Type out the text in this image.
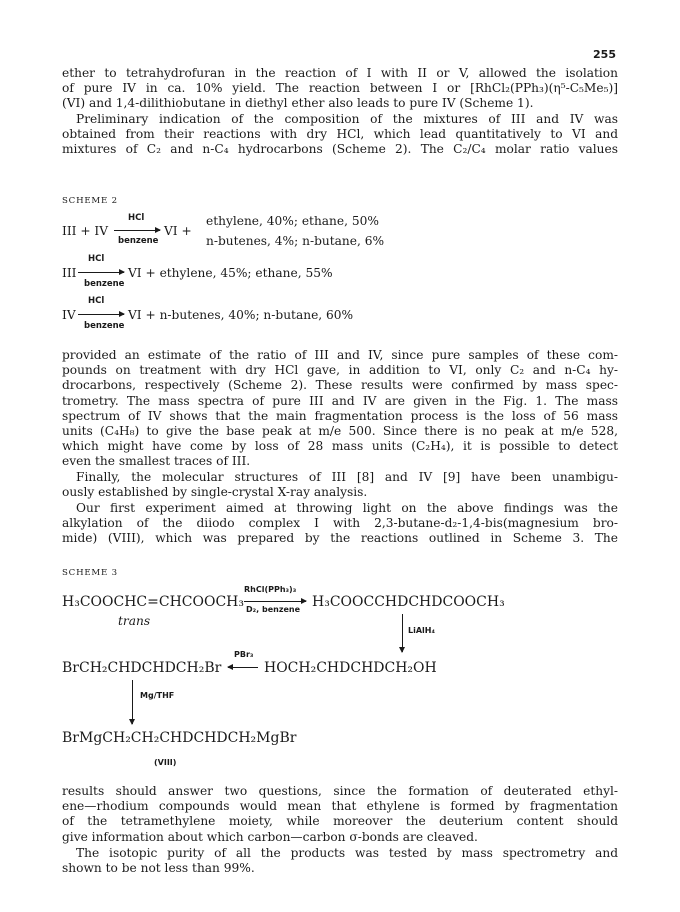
255
ether to tetrahydrofuran in the reaction of I with II or V, allowed the isolation
of pure IV in ca. 10% yield. The reaction between I or [RhCl₂(PPh₃)(η⁵-C₅Me₅)]
(VI) and 1,4-dilithiobutane in diethyl ether also leads to pure IV (Scheme 1).
Preliminary indication of the composition of the mixtures of III and IV was
obtained from their reactions with dry HCl, which lead quantitatively to VI and
mixtures of C₂ and n-C₄ hydrocarbons (Scheme 2). The C₂/C₄ molar ratio values
SCHEME 2
III + IV
HCl
benzene
VI +
ethylene, 40%; ethane, 50%
n-butenes, 4%; n-butane, 6%
III
HCl
benzene
VI + ethylene, 45%; ethane, 55%
IV
HCl
benzene
VI + n-butenes, 40%; n-butane, 60%
provided an estimate of the ratio of III and IV, since pure samples of these com-
pounds on treatment with dry HCl gave, in addition to VI, only C₂ and n-C₄ hy-
drocarbons, respectively (Scheme 2). These results were confirmed by mass spec-
trometry. The mass spectra of pure III and IV are given in the Fig. 1. The mass
spectrum of IV shows that the main fragmentation process is the loss of 56 mass
units (C₄H₈) to give the base peak at m/e 500. Since there is no peak at m/e 528,
which might have come by loss of 28 mass units (C₂H₄), it is possible to detect
even the smallest traces of III.
Finally, the molecular structures of III [8] and IV [9] have been unambigu-
ously established by single-crystal X-ray analysis.
Our first experiment aimed at throwing light on the above findings was the
alkylation of the diiodo complex I with 2,3-butane-d₂-1,4-bis(magnesium bro-
mide) (VIII), which was prepared by the reactions outlined in Scheme 3. The
SCHEME 3
H₃COOCHC=CHCOOCH₃
RhCl(PPh₃)₃
D₂, benzene H₃COOCCHDCHDCOOCH₃
trans
LiAlH₄
BrCH₂CHDCHDCH₂Br
PBr₃
HOCH₂CHDCHDCH₂OH
Mg/THF
BrMgCH₂CH₂CHDCHDCH₂MgBr
(VIII)
results should answer two questions, since the formation of deuterated ethyl-
ene—rhodium compounds would mean that ethylene is formed by fragmentation
of the tetramethylene moiety, while moreover the deuterium content should
give information about which carbon—carbon σ-bonds are cleaved.
The isotopic purity of all the products was tested by mass spectrometry and
shown to be not less than 99%.
